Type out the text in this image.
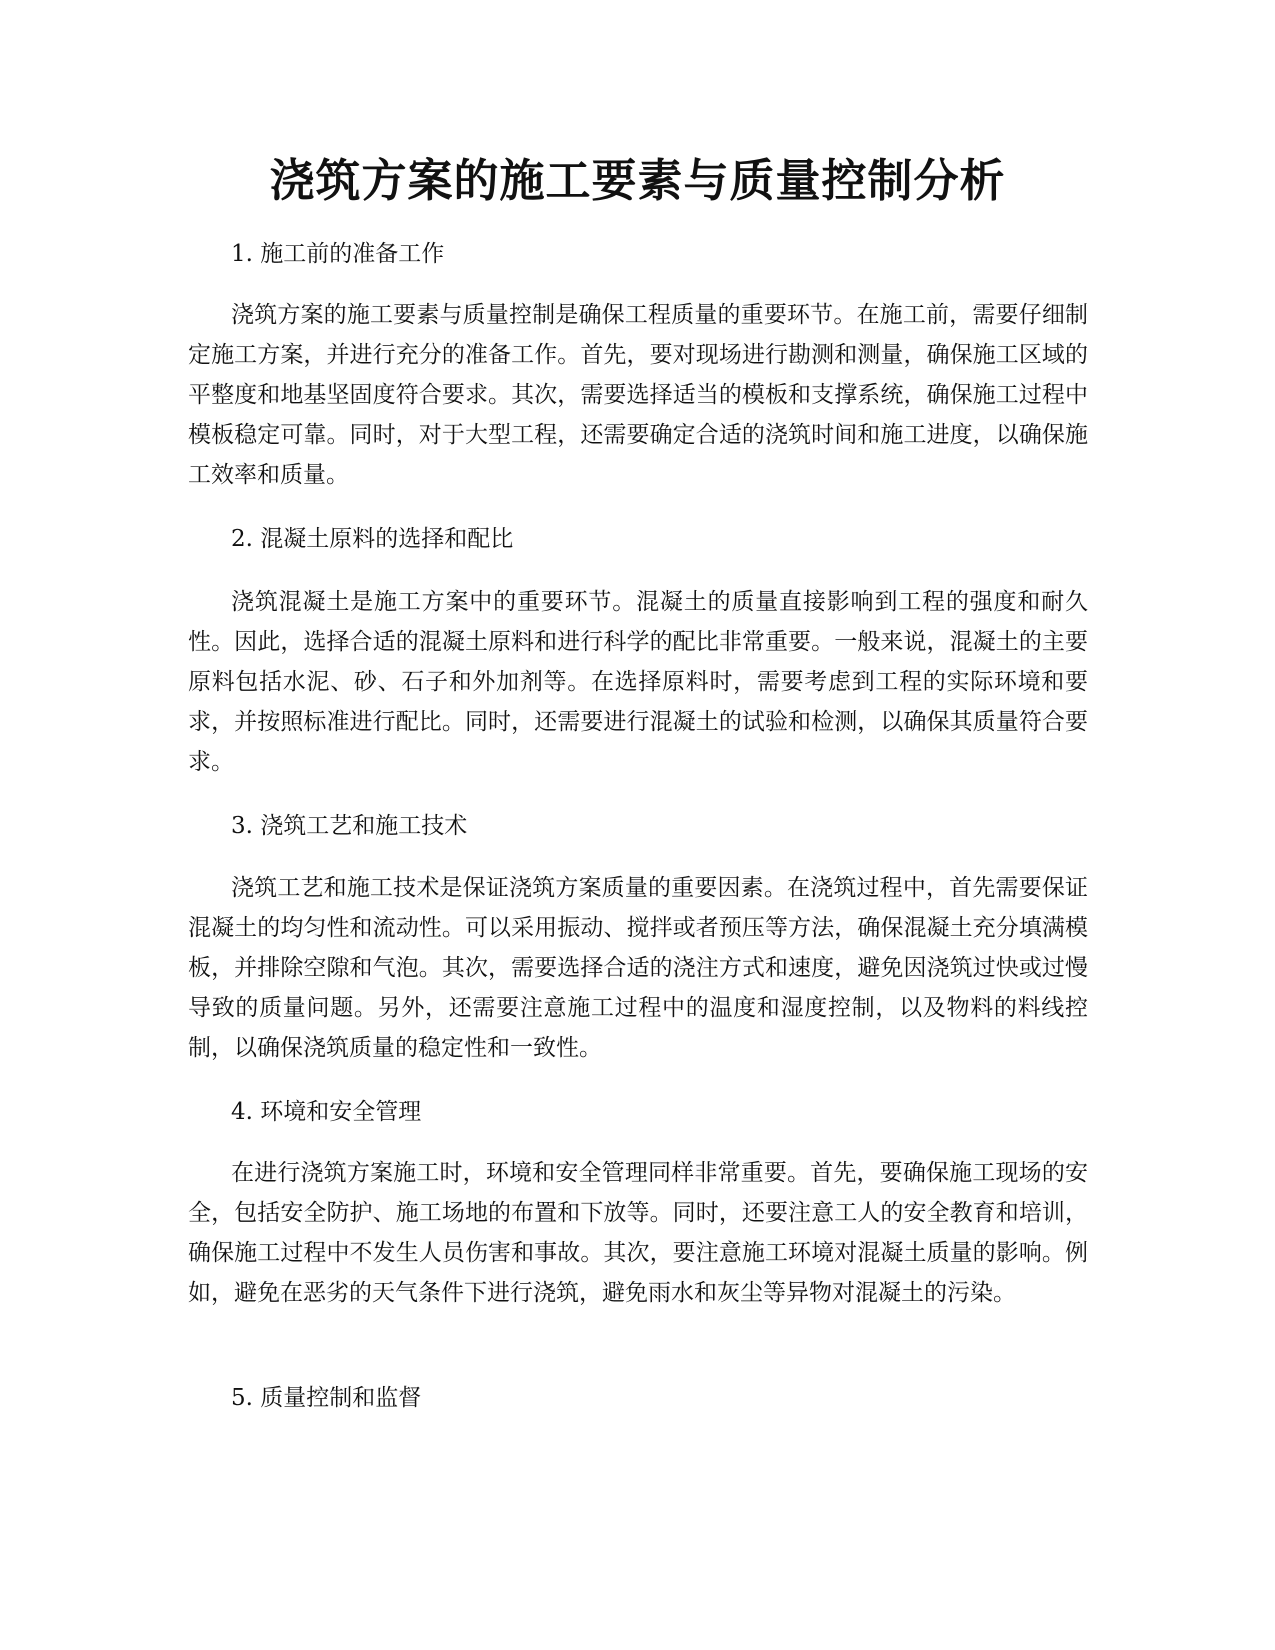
浇筑方案的施工要素与质量控制分析

1. 施工前的准备工作

浇筑方案的施工要素与质量控制是确保工程质量的重要环节。在施工前，需要仔细制定施工方案，并进行充分的准备工作。首先，要对现场进行勘测和测量，确保施工区域的平整度和地基坚固度符合要求。其次，需要选择适当的模板和支撑系统，确保施工过程中模板稳定可靠。同时，对于大型工程，还需要确定合适的浇筑时间和施工进度，以确保施工效率和质量。

2. 混凝土原料的选择和配比

浇筑混凝土是施工方案中的重要环节。混凝土的质量直接影响到工程的强度和耐久性。因此，选择合适的混凝土原料和进行科学的配比非常重要。一般来说，混凝土的主要原料包括水泥、砂、石子和外加剂等。在选择原料时，需要考虑到工程的实际环境和要求，并按照标准进行配比。同时，还需要进行混凝土的试验和检测，以确保其质量符合要求。

3. 浇筑工艺和施工技术

浇筑工艺和施工技术是保证浇筑方案质量的重要因素。在浇筑过程中，首先需要保证混凝土的均匀性和流动性。可以采用振动、搅拌或者预压等方法，确保混凝土充分填满模板，并排除空隙和气泡。其次，需要选择合适的浇注方式和速度，避免因浇筑过快或过慢导致的质量问题。另外，还需要注意施工过程中的温度和湿度控制，以及物料的料线控制，以确保浇筑质量的稳定性和一致性。

4. 环境和安全管理

在进行浇筑方案施工时，环境和安全管理同样非常重要。首先，要确保施工现场的安全，包括安全防护、施工场地的布置和下放等。同时，还要注意工人的安全教育和培训，确保施工过程中不发生人员伤害和事故。其次，要注意施工环境对混凝土质量的影响。例如，避免在恶劣的天气条件下进行浇筑，避免雨水和灰尘等异物对混凝土的污染。

5. 质量控制和监督
